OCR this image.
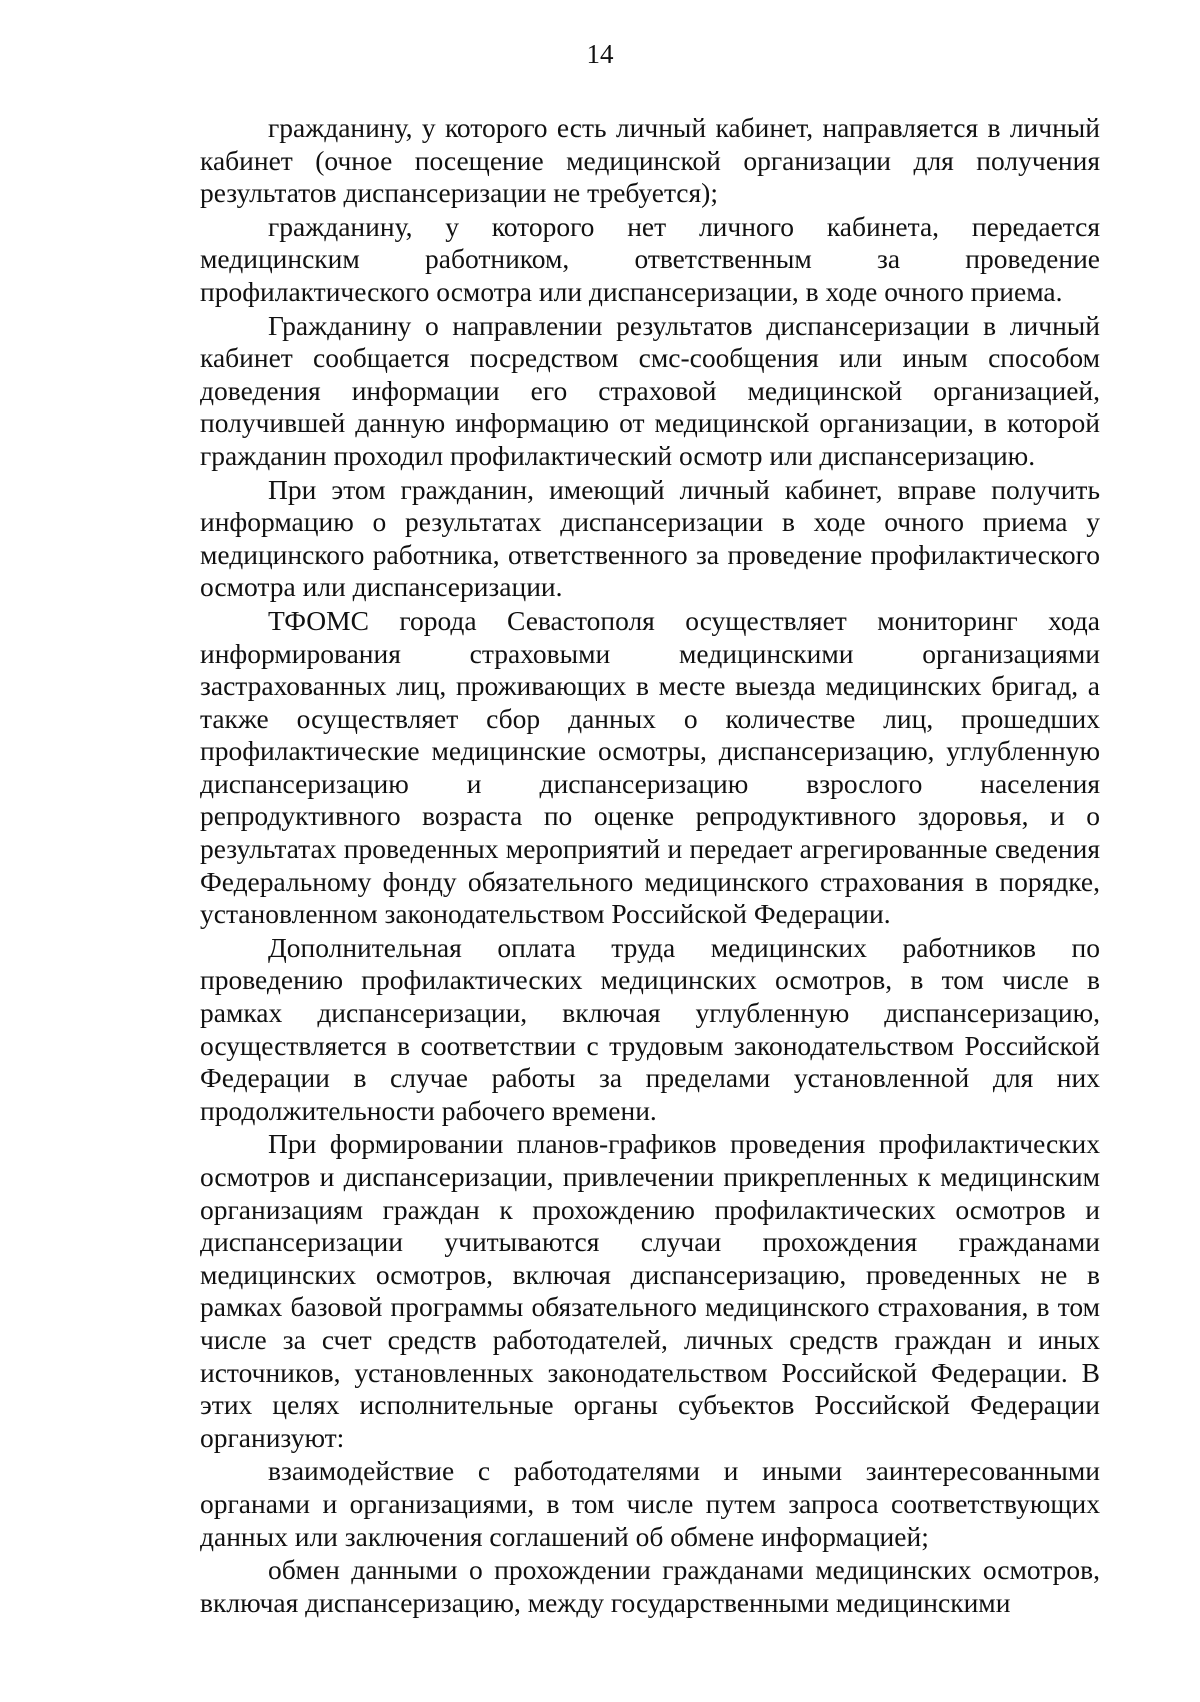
14

гражданину, у которого есть личный кабинет, направляется в личный кабинет (очное посещение медицинской организации для получения результатов диспансеризации не требуется);

гражданину, у которого нет личного кабинета, передается медицинским работником, ответственным за проведение профилактического осмотра или диспансеризации, в ходе очного приема.

Гражданину о направлении результатов диспансеризации в личный кабинет сообщается посредством смс-сообщения или иным способом доведения информации его страховой медицинской организацией, получившей данную информацию от медицинской организации, в которой гражданин проходил профилактический осмотр или диспансеризацию.

При этом гражданин, имеющий личный кабинет, вправе получить информацию о результатах диспансеризации в ходе очного приема у медицинского работника, ответственного за проведение профилактического осмотра или диспансеризации.

ТФОМС города Севастополя осуществляет мониторинг хода информирования страховыми медицинскими организациями застрахованных лиц, проживающих в месте выезда медицинских бригад, а также осуществляет сбор данных о количестве лиц, прошедших профилактические медицинские осмотры, диспансеризацию, углубленную диспансеризацию и диспансеризацию взрослого населения репродуктивного возраста по оценке репродуктивного здоровья, и о результатах проведенных мероприятий и передает агрегированные сведения Федеральному фонду обязательного медицинского страхования в порядке, установленном законодательством Российской Федерации.

Дополнительная оплата труда медицинских работников по проведению профилактических медицинских осмотров, в том числе в рамках диспансеризации, включая углубленную диспансеризацию, осуществляется в соответствии с трудовым законодательством Российской Федерации в случае работы за пределами установленной для них продолжительности рабочего времени.

При формировании планов-графиков проведения профилактических осмотров и диспансеризации, привлечении прикрепленных к медицинским организациям граждан к прохождению профилактических осмотров и диспансеризации учитываются случаи прохождения гражданами медицинских осмотров, включая диспансеризацию, проведенных не в рамках базовой программы обязательного медицинского страхования, в том числе за счет средств работодателей, личных средств граждан и иных источников, установленных законодательством Российской Федерации. В этих целях исполнительные органы субъектов Российской Федерации организуют:

взаимодействие с работодателями и иными заинтересованными органами и организациями, в том числе путем запроса соответствующих данных или заключения соглашений об обмене информацией;

обмен данными о прохождении гражданами медицинских осмотров, включая диспансеризацию, между государственными медицинскими
